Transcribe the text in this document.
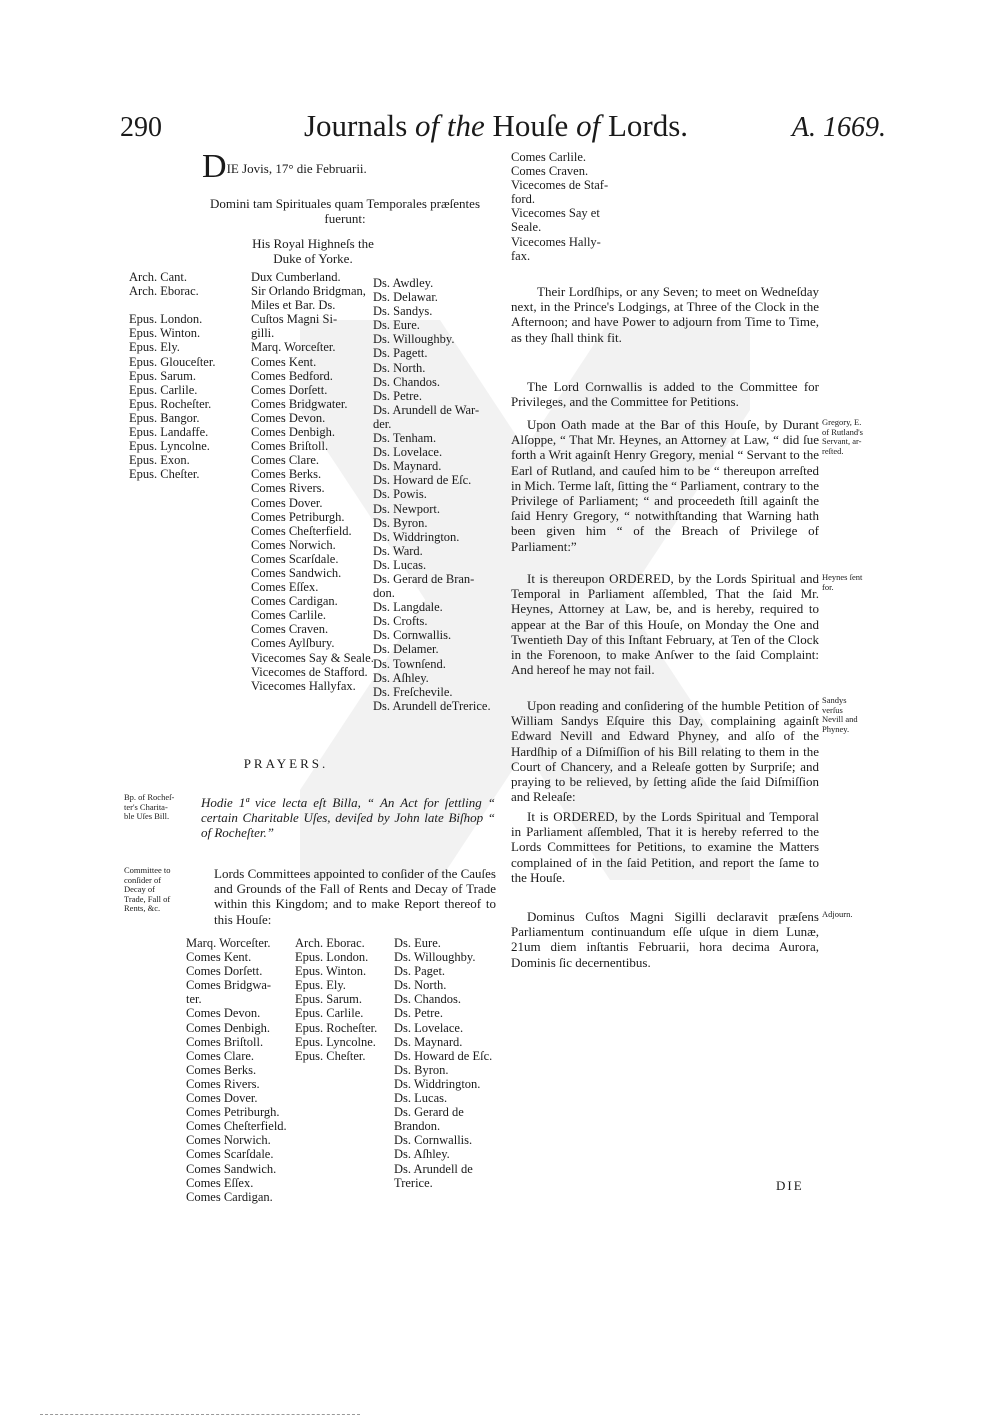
290	Journals of the Houſe of Lords.	A. 1669.
$D^{IE Jovis, 17^\circ die Februarii.}$
Domini tam Spirituales quam Temporales præſentes fuerunt:
His Royal Highneſs the
Duke of Yorke.
Arch. Cant.
Arch. Eborac.

Epus. London.
Epus. Winton.
Epus. Ely.
Epus. Glouceſter.
Epus. Sarum.
Epus. Carlile.
Epus. Rocheſter.
Epus. Bangor.
Epus. Landaffe.
Epus. Lyncolne.
Epus. Exon.
Epus. Cheſter.
Dux Cumberland.
Sir Orlando Bridgman,
Miles et Bar. Ds.
Cuſtos Magni Si-
gilli.
Marq. Worceſter.
Comes Kent.
Comes Bedford.
Comes Dorſett.
Comes Bridgwater.
Comes Devon.
Comes Denbigh.
Comes Briſtoll.
Comes Clare.
Comes Berks.
Comes Rivers.
Comes Dover.
Comes Petriburgh.
Comes Cheſterfield.
Comes Norwich.
Comes Scarſdale.
Comes Sandwich.
Comes Eſſex.
Comes Cardigan.
Comes Carlile.
Comes Craven.
Comes Aylſbury.
Vicecomes Say & Seale.
Vicecomes de Stafford.
Vicecomes Hallyfax.
Ds. Awdley.
Ds. Delawar.
Ds. Sandys.
Ds. Eure.
Ds. Willoughby.
Ds. Pagett.
Ds. North.
Ds. Chandos.
Ds. Petre.
Ds. Arundell de War-
der.
Ds. Tenham.
Ds. Lovelace.
Ds. Maynard.
Ds. Howard de Eſc.
Ds. Powis.
Ds. Newport.
Ds. Byron.
Ds. Widdrington.
Ds. Ward.
Ds. Lucas.
Ds. Gerard de Bran-
don.
Ds. Langdale.
Ds. Crofts.
Ds. Cornwallis.
Ds. Delamer.
Ds. Townſend.
Ds. Aſhley.
Ds. Freſchevile.
Ds. Arundell deTrerice.
PRAYERS.
Bp. of Rocheſ-
ter's Charita-
ble Uſes Bill.
Hodie 1ª vice lecta eſt Billa, “ An Act for ſettling “ certain Charitable Uſes, deviſed by John late Biſhop “ of Rocheſter.”
Committee to
conſider of
Decay of
Trade, Fall of
Rents, &c.
Lords Committees appointed to conſider of the Cauſes and Grounds of the Fall of Rents and Decay of Trade within this Kingdom; and to make Report thereof to this Houſe:
Marq. Worceſter.
Comes Kent.
Comes Dorſett.
Comes Bridgwa-
ter.
Comes Devon.
Comes Denbigh.
Comes Briſtoll.
Comes Clare.
Comes Berks.
Comes Rivers.
Comes Dover.
Comes Petriburgh.
Comes Cheſterfield.
Comes Norwich.
Comes Scarſdale.
Comes Sandwich.
Comes Eſſex.
Comes Cardigan.
Arch. Eborac.
Epus. London.
Epus. Winton.
Epus. Ely.
Epus. Sarum.
Epus. Carlile.
Epus. Rocheſter.
Epus. Lyncolne.
Epus. Cheſter.
Ds. Eure.
Ds. Willoughby.
Ds. Paget.
Ds. North.
Ds. Chandos.
Ds. Petre.
Ds. Lovelace.
Ds. Maynard.
Ds. Howard de Eſc.
Ds. Byron.
Ds. Widdrington.
Ds. Lucas.
Ds. Gerard de
Brandon.
Ds. Cornwallis.
Ds. Aſhley.
Ds. Arundell de
Trerice.
Comes Carlile.
Comes Craven.
Vicecomes de Staf-
ford.
Vicecomes Say et
Seale.
Vicecomes Hally-
fax.
Their Lordſhips, or any Seven; to meet on Wedneſday next, in the Prince's Lodgings, at Three of the Clock in the Afternoon; and have Power to adjourn from Time to Time, as they ſhall think fit.
The Lord Cornwallis is added to the Committee for Privileges, and the Committee for Petitions.
Gregory, E.
of Rutland's
Servant, ar-
reſted.
Upon Oath made at the Bar of this Houſe, by Durant Alſoppe, “ That Mr. Heynes, an Attorney at Law, “ did ſue forth a Writ againſt Henry Gregory, menial “ Servant to the Earl of Rutland, and cauſed him to be “ thereupon arreſted in Mich. Terme laſt, ſitting the “ Parliament, contrary to the Privilege of Parliament; “ and proceedeth ſtill againſt the ſaid Henry Gregory, “ notwithſtanding that Warning hath been given him “ of the Breach of Privilege of Parliament:”
Heynes ſent
for.
It is thereupon ORDERED, by the Lords Spiritual and Temporal in Parliament aſſembled, That the ſaid Mr. Heynes, Attorney at Law, be, and is hereby, required to appear at the Bar of this Houſe, on Monday the One and Twentieth Day of this Inſtant February, at Ten of the Clock in the Forenoon, to make Anſwer to the ſaid Complaint: And hereof he may not fail.
Sandys
verſus
Nevill and
Phyney.
Upon reading and conſidering of the humble Petition of William Sandys Eſquire this Day, complaining againſt Edward Nevill and Edward Phyney, and alſo of the Hardſhip of a Diſmiſſion of his Bill relating to them in the Court of Chancery, and a Releaſe gotten by Surpriſe; and praying to be relieved, by ſetting aſide the ſaid Diſmiſſion and Releaſe:
It is ORDERED, by the Lords Spiritual and Temporal in Parliament aſſembled, That it is hereby referred to the Lords Committees for Petitions, to examine the Matters complained of in the ſaid Petition, and report the ſame to the Houſe.
Adjourn.
Dominus Cuſtos Magni Sigilli declaravit præſens Parliamentum continuandum eſſe uſque in diem Lunæ, 21um diem inſtantis Februarii, hora decima Aurora, Dominis ſic decernentibus.
DIE
